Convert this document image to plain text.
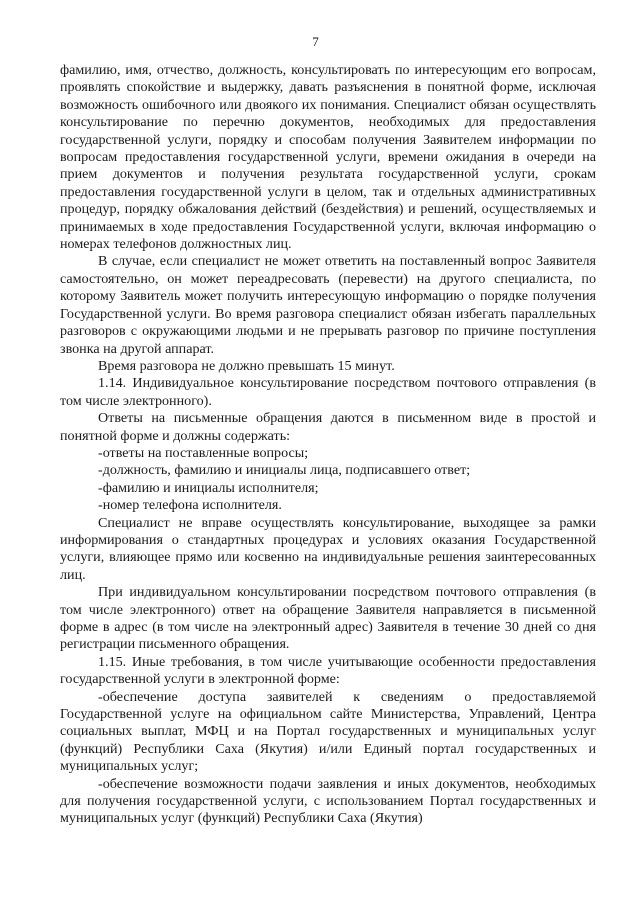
7

фамилию, имя, отчество, должность, консультировать по интересующим его вопросам, проявлять спокойствие и выдержку, давать разъяснения в понятной форме, исключая возможность ошибочного или двоякого их понимания. Специалист обязан осуществлять консультирование по перечню документов, необходимых для предоставления государственной услуги, порядку и способам получения Заявителем информации по вопросам предоставления государственной услуги, времени ожидания в очереди на прием документов и получения результата государственной услуги, срокам предоставления государственной услуги в целом, так и отдельных административных процедур, порядку обжалования действий (бездействия) и решений, осуществляемых и принимаемых в ходе предоставления Государственной услуги, включая информацию о номерах телефонов должностных лиц.

В случае, если специалист не может ответить на поставленный вопрос Заявителя самостоятельно, он может переадресовать (перевести) на другого специалиста, по которому Заявитель может получить интересующую информацию о порядке получения Государственной услуги. Во время разговора специалист обязан избегать параллельных разговоров с окружающими людьми и не прерывать разговор по причине поступления звонка на другой аппарат.

Время разговора не должно превышать 15 минут.

1.14. Индивидуальное консультирование посредством почтового отправления (в том числе электронного).

Ответы на письменные обращения даются в письменном виде в простой и понятной форме и должны содержать:

-ответы на поставленные вопросы;

-должность, фамилию и инициалы лица, подписавшего ответ;

-фамилию и инициалы исполнителя;

-номер телефона исполнителя.

Специалист не вправе осуществлять консультирование, выходящее за рамки информирования о стандартных процедурах и условиях оказания Государственной услуги, влияющее прямо или косвенно на индивидуальные решения заинтересованных лиц.

При индивидуальном консультировании посредством почтового отправления (в том числе электронного) ответ на обращение Заявителя направляется в письменной форме в адрес (в том числе на электронный адрес) Заявителя в течение 30 дней со дня регистрации письменного обращения.

1.15. Иные требования, в том числе учитывающие особенности предоставления государственной услуги в электронной форме:

-обеспечение доступа заявителей к сведениям о предоставляемой Государственной услуге на официальном сайте Министерства, Управлений, Центра социальных выплат, МФЦ и на Портал государственных и муниципальных услуг (функций) Республики Саха (Якутия) и/или Единый портал государственных и муниципальных услуг;

-обеспечение возможности подачи заявления и иных документов, необходимых для получения государственной услуги, с использованием Портал государственных и муниципальных услуг (функций) Республики Саха (Якутия)
